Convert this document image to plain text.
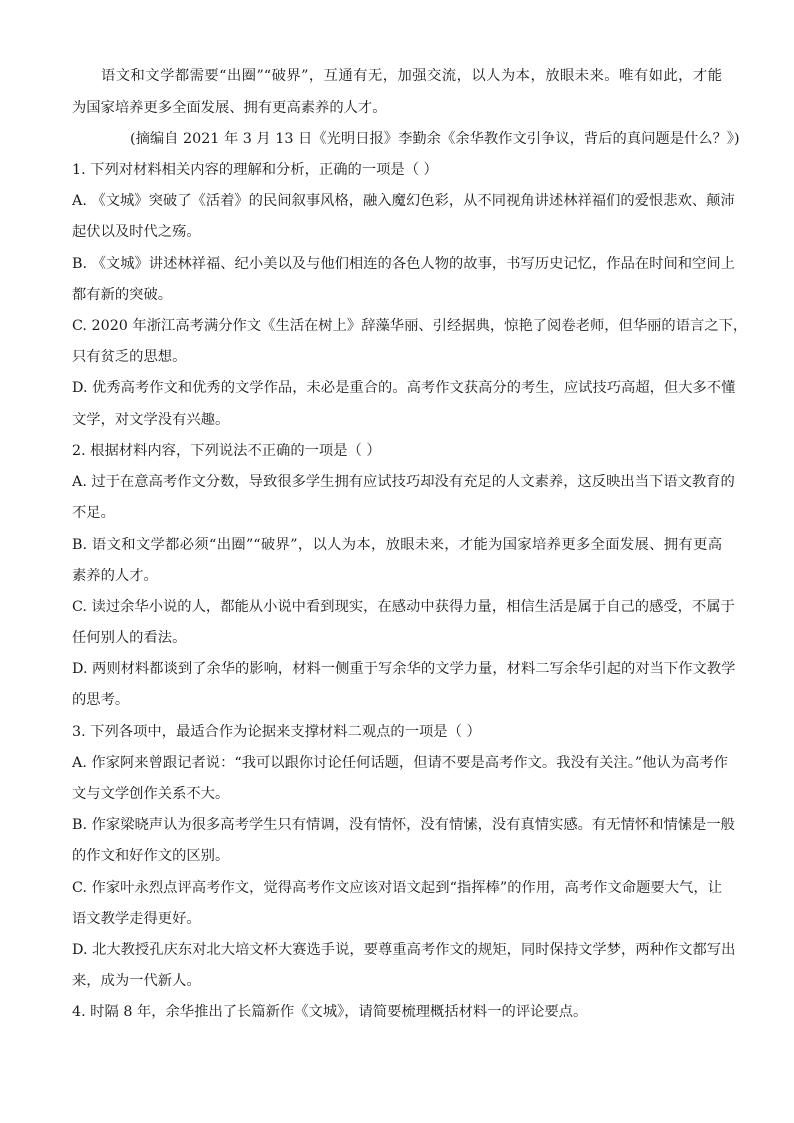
语文和文学都需要“出圈”“破界”，互通有无，加强交流，以人为本，放眼未来。唯有如此，才能
为国家培养更多全面发展、拥有更高素养的人才。
(摘编自 2021 年 3 月 13 日《光明日报》李勤余《余华教作文引争议，背后的真问题是什么？》)
1. 下列对材料相关内容的理解和分析，正确的一项是（ ）
A. 《文城》突破了《活着》的民间叙事风格，融入魔幻色彩，从不同视角讲述林祥福们的爱恨悲欢、颠沛
起伏以及时代之殇。
B. 《文城》讲述林祥福、纪小美以及与他们相连的各色人物的故事，书写历史记忆，作品在时间和空间上
都有新的突破。
C. 2020 年浙江高考满分作文《生活在树上》辞藻华丽、引经据典，惊艳了阅卷老师，但华丽的语言之下，
只有贫乏的思想。
D. 优秀高考作文和优秀的文学作品，未必是重合的。高考作文获高分的考生，应试技巧高超，但大多不懂
文学，对文学没有兴趣。
2. 根据材料内容，下列说法不正确的一项是（ ）
A. 过于在意高考作文分数，导致很多学生拥有应试技巧却没有充足的人文素养，这反映出当下语文教育的
不足。
B. 语文和文学都必须“出圈”“破界”，以人为本，放眼未来，才能为国家培养更多全面发展、拥有更高
素养的人才。
C. 读过余华小说的人，都能从小说中看到现实，在感动中获得力量，相信生活是属于自己的感受，不属于
任何别人的看法。
D. 两则材料都谈到了余华的影响，材料一侧重于写余华的文学力量，材料二写余华引起的对当下作文教学
的思考。
3. 下列各项中，最适合作为论据来支撑材料二观点的一项是（ ）
A. 作家阿来曾跟记者说：“我可以跟你讨论任何话题，但请不要是高考作文。我没有关注。”他认为高考作
文与文学创作关系不大。
B. 作家梁晓声认为很多高考学生只有情调，没有情怀，没有情愫，没有真情实感。有无情怀和情愫是一般
的作文和好作文的区别。
C. 作家叶永烈点评高考作文，觉得高考作文应该对语文起到“指挥棒”的作用，高考作文命题要大气，让
语文教学走得更好。
D. 北大教授孔庆东对北大培文杯大赛选手说，要尊重高考作文的规矩，同时保持文学梦，两种作文都写出
来，成为一代新人。
4. 时隔 8 年，余华推出了长篇新作《文城》，请简要梳理概括材料一的评论要点。
